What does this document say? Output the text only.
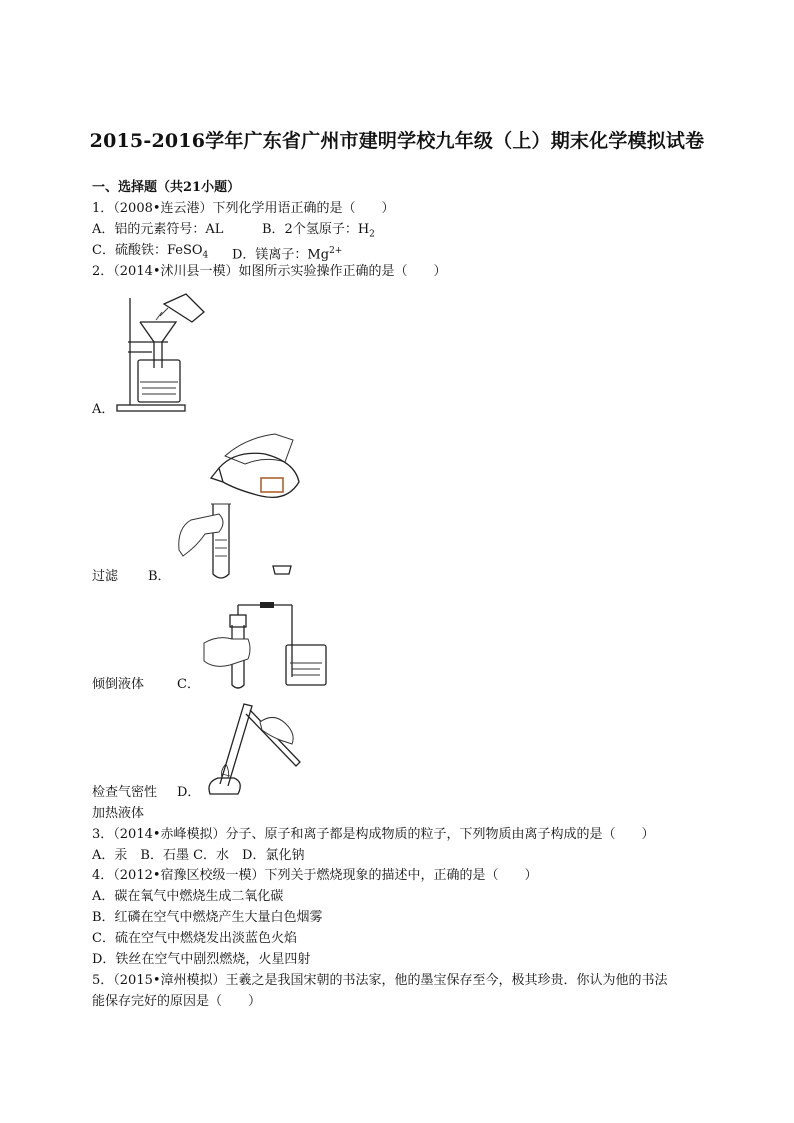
2015-2016学年广东省广州市建明学校九年级（上）期末化学模拟试卷
一、选择题（共21小题）
1．（2008•连云港）下列化学用语正确的是（　　）
A．铝的元素符号：AL	B．2个氢原子：$H_2$
C．硫酸铁：FeSO$_4$ D．镁离子：$Mg^{2+}$
2．（2014•沭川县一模）如图所示实验操作正确的是（　　）
A．
过滤 B．
倾倒液体	C．
检查气密性 D．
加热液体
3．（2014•赤峰模拟）分子、原子和离子都是构成物质的粒子，下列物质由离子构成的是（　　）
A．汞　B．石墨 C．水　D．氯化钠
4．（2012•宿豫区校级一模）下列关于燃烧现象的描述中，正确的是（　　）
A．碳在氧气中燃烧生成二氧化碳
B．红磷在空气中燃烧产生大量白色烟雾
C．硫在空气中燃烧发出淡蓝色火焰
D．铁丝在空气中剧烈燃烧，火星四射
5．（2015•漳州模拟）王羲之是我国宋朝的书法家，他的墨宝保存至今，极其珍贵．你认为他的书法
能保存完好的原因是（　　）
